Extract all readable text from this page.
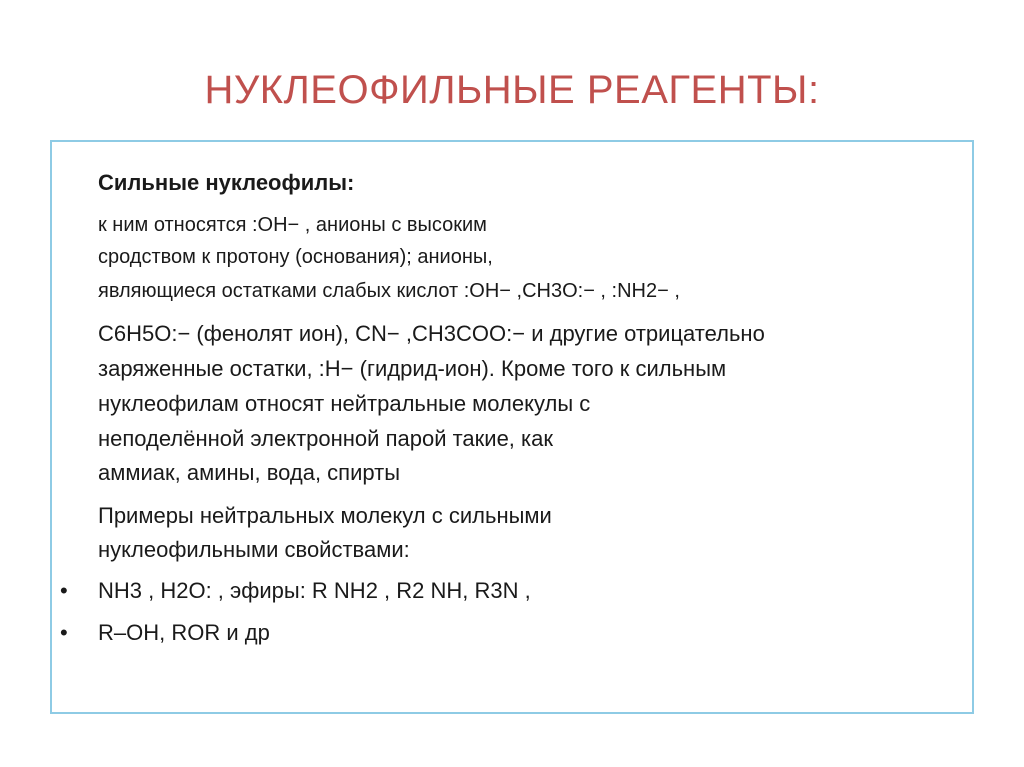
НУКЛЕОФИЛЬНЫЕ РЕАГЕНТЫ:
Сильные нуклеофилы:
к ним относятся :OH− , анионы с высоким
сродством к протону (основания); анионы,
являющиеся остатками слабых кислот :OH− ,CH3O:− , :NH2− ,
C6H5O:− (фенолят ион), CN− ,CH3COO:− и другие отрицательно
заряженные остатки, :H− (гидрид-ион). Кроме того к сильным
нуклеофилам относят нейтральные молекулы с
неподелённой электронной парой такие, как
аммиак, амины, вода, спирты
Примеры нейтральных молекул с сильными
нуклеофильными свойствами:
• NH3 , H2O: , эфиры: R NH2 , R2 NH, R3N ,
• R–OH, ROR и др
